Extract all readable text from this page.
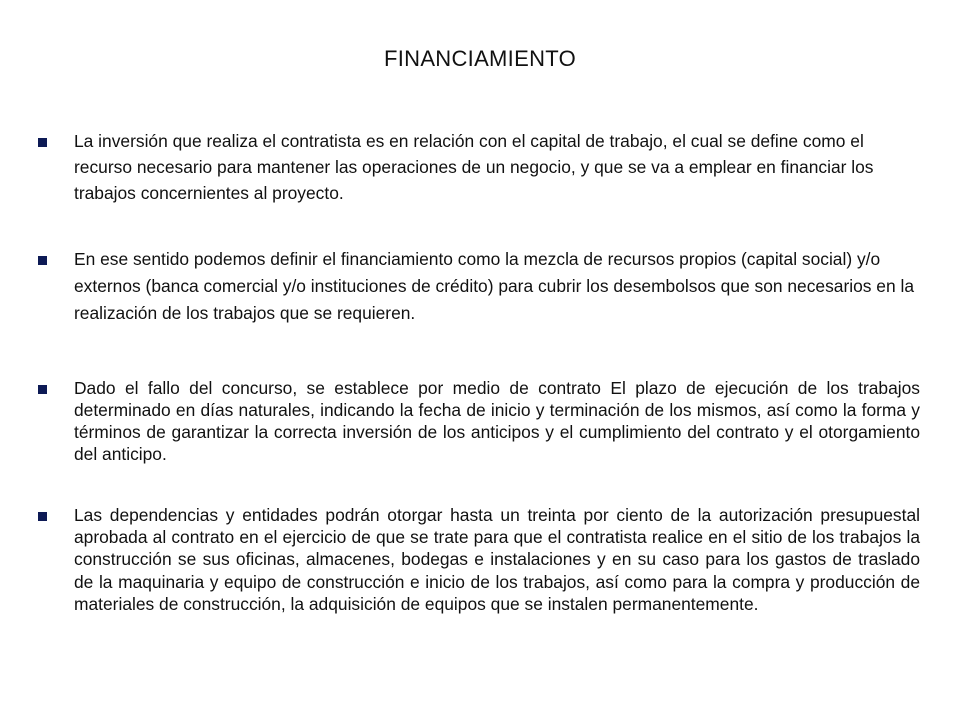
FINANCIAMIENTO
La inversión que realiza el contratista es en relación con el capital de trabajo, el cual se define como el recurso necesario para mantener las operaciones de un negocio, y que se va a emplear en financiar los trabajos concernientes al proyecto.
En ese sentido podemos definir el financiamiento como la mezcla de recursos propios (capital social) y/o externos (banca comercial y/o instituciones de crédito) para cubrir los desembolsos que son necesarios en la realización de los trabajos que se requieren.
Dado el fallo del concurso, se establece por medio de contrato El plazo de ejecución de los trabajos determinado en días naturales, indicando la fecha de inicio y terminación de los mismos, así como la forma y términos de garantizar la correcta inversión de los anticipos y el cumplimiento del contrato y el otorgamiento del anticipo.
Las dependencias y entidades podrán otorgar hasta un treinta por ciento de la autorización presupuestal aprobada al contrato en el ejercicio de que se trate para que el contratista realice en el sitio de los trabajos la construcción se sus oficinas, almacenes, bodegas e instalaciones y en su caso para los gastos de traslado de la maquinaria y equipo de construcción e inicio de los trabajos, así como para la compra y producción de materiales de construcción, la adquisición de equipos que se instalen permanentemente.
